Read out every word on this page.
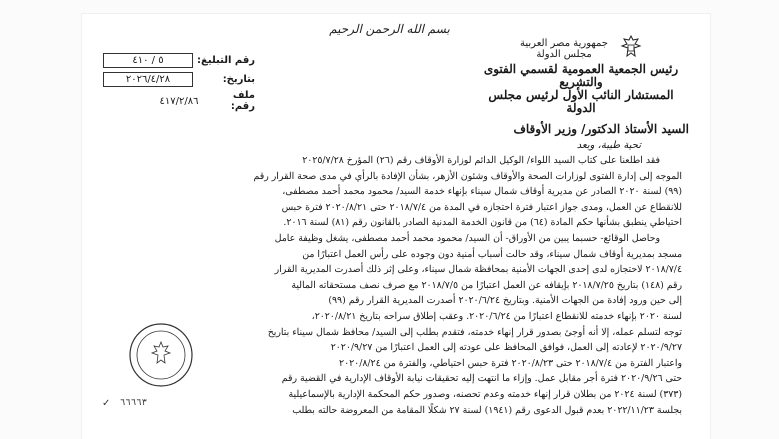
بسم الله الرحمن الرحيم
جمهورية مصر العربية
مجلس الدولة
رئيس الجمعية العمومية لقسمي الفتوى والتشريع
المستشار النائب الأول لرئيس مجلس الدولة
رقم التبليغ:
٥ / ٤١٠
بتاريخ:
٢٠٢٦/٤/٢٨
ملف رقم:
٤١٧/٢/٨٦
السيد الأستاذ الدكتور/ وزير الأوقاف
تحية طيبة، وبعد

فقد اطلعنا على كتاب السيد اللواء/ الوكيل الدائم لوزارة الأوقاف رقم (٢٦) المؤرخ ٢٠٢٥/٧/٢٨

الموجه إلى إدارة الفتوى لوزارات الصحة والأوقاف وشئون الأزهر، بشأن الإفادة بالرأي في مدى صحة القرار رقم

(٩٩) لسنة ٢٠٢٠ الصادر عن مديرية أوقاف شمال سيناء بإنهاء خدمة السيد/ محمود محمد أحمد مصطفى،

للانقطاع عن العمل، ومدى جواز اعتبار فترة احتجازه في المدة من ٢٠١٨/٧/٤ حتى ٢٠٢٠/٨/٢١ فترة حبس

احتياطي ينطبق بشأنها حكم المادة (٦٤) من قانون الخدمة المدنية الصادر بالقانون رقم (٨١) لسنة ٢٠١٦.

وحاصل الوقائع- حسبما يبين من الأوراق- أن السيد/ محمود محمد أحمد مصطفى، يشغل وظيفة عامل

مسجد بمديرية أوقاف شمال سيناء، وقد حالت أسباب أمنية دون وجوده على رأس العمل اعتبارًا من

٢٠١٨/٧/٤ لاحتجازه لدى إحدى الجهات الأمنية بمحافظة شمال سيناء، وعلى إثر ذلك أصدرت المديرية القرار

رقم (١٤٨) بتاريخ ٢٠١٨/٧/٢٥ بإيقافه عن العمل اعتبارًا من ٢٠١٨/٧/٥ مع صرف نصف مستحقاته المالية

إلى حين ورود إفادة من الجهات الأمنية. وبتاريخ ٢٠٢٠/٦/٢٤ أصدرت المديرية القرار رقم (٩٩)

لسنة ٢٠٢٠ بإنهاء خدمته للانقطاع اعتبارًا من ٢٠٢٠/٦/٢٤. وعقب إطلاق سراحه بتاريخ ٢٠٢٠/٨/٢١،

توجه لتسلم عمله، إلا أنه أوجئ بصدور قرار إنهاء خدمته، فتقدم بطلب إلى السيد/ محافظ شمال سيناء بتاريخ

٢٠٢٠/٩/٢٧ لإعادته إلى العمل، فوافق المحافظ على عودته إلى العمل اعتبارًا من ٢٠٢٠/٩/٢٧

واعتبار الفترة من ٢٠١٨/٧/٤ حتى ٢٠٢٠/٨/٢٣ فترة حبس احتياطي، والفترة من ٢٠٢٠/٨/٢٤

حتى ٢٠٢٠/٩/٢٦ فترة أجر مقابل عمل. وإزاء ما انتهت إليه تحقيقات نيابة الأوقاف الإدارية في القضية رقم

(٣٧٣) لسنة ٢٠٢٤ من بطلان قرار إنهاء خدمته وعدم تحصنه، وصدور حكم المحكمة الإدارية بالإسماعيلية

بجلسة ٢٠٢٢/١١/٢٣ بعدم قبول الدعوى رقم (١٩٤١) لسنة ٢٧ شكلًا المقامة من المعروضة حالته بطلب

✓ ٦٦٦٦٣
